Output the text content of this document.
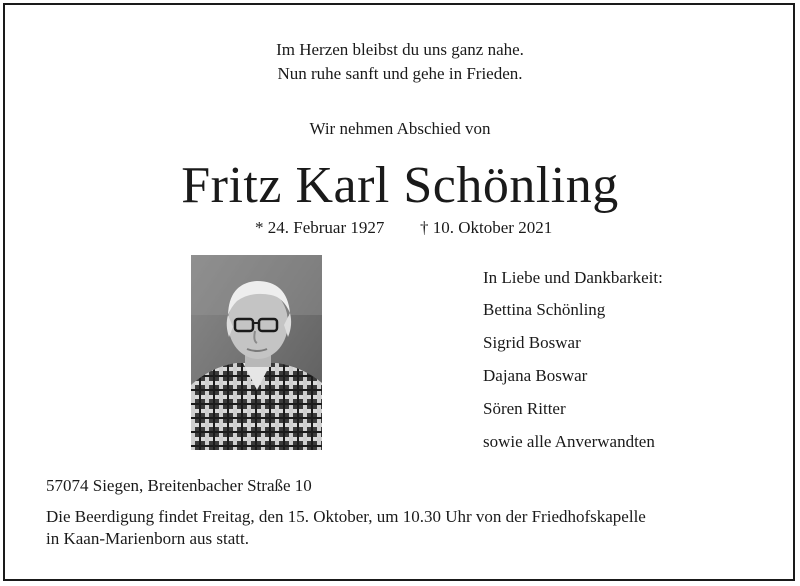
Im Herzen bleibst du uns ganz nahe.
Nun ruhe sanft und gehe in Frieden.
Wir nehmen Abschied von
Fritz Karl Schönling
* 24. Februar 1927 † 10. Oktober 2021
In Liebe und Dankbarkeit:
Bettina Schönling
Sigrid Boswar
Dajana Boswar
Sören Ritter
sowie alle Anverwandten
57074 Siegen, Breitenbacher Straße 10
Die Beerdigung findet Freitag, den 15. Oktober, um 10.30 Uhr von der Friedhofskapelle
in Kaan-Marienborn aus statt.
